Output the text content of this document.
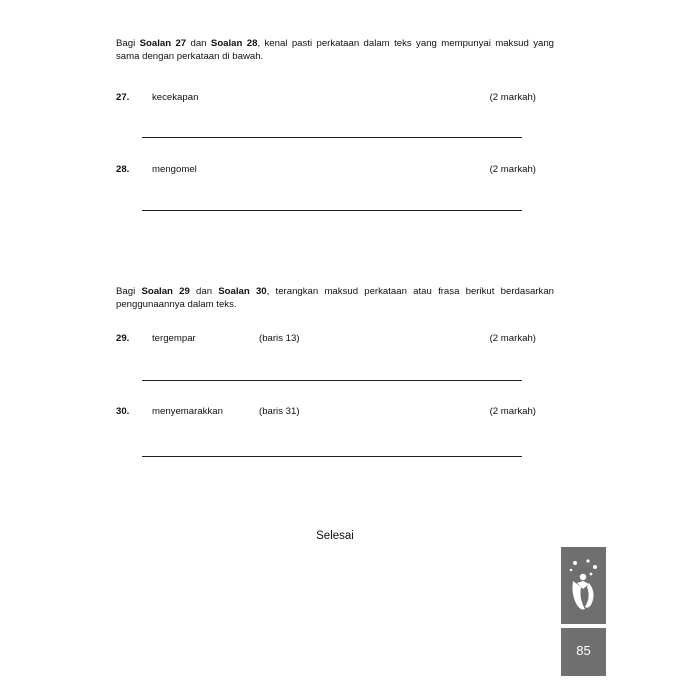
Bagi Soalan 27 dan Soalan 28, kenal pasti perkataan dalam teks yang mempunyai maksud yang sama dengan perkataan di bawah.
27. kecekapan	(2 markah)
28. mengomel	(2 markah)
Bagi Soalan 29 dan Soalan 30, terangkan maksud perkataan atau frasa berikut berdasarkan penggunaannya dalam teks.
29. tergempar	(baris 13)	(2 markah)
30. menyemarakkan	(baris 31)	(2 markah)
Selesai
85
